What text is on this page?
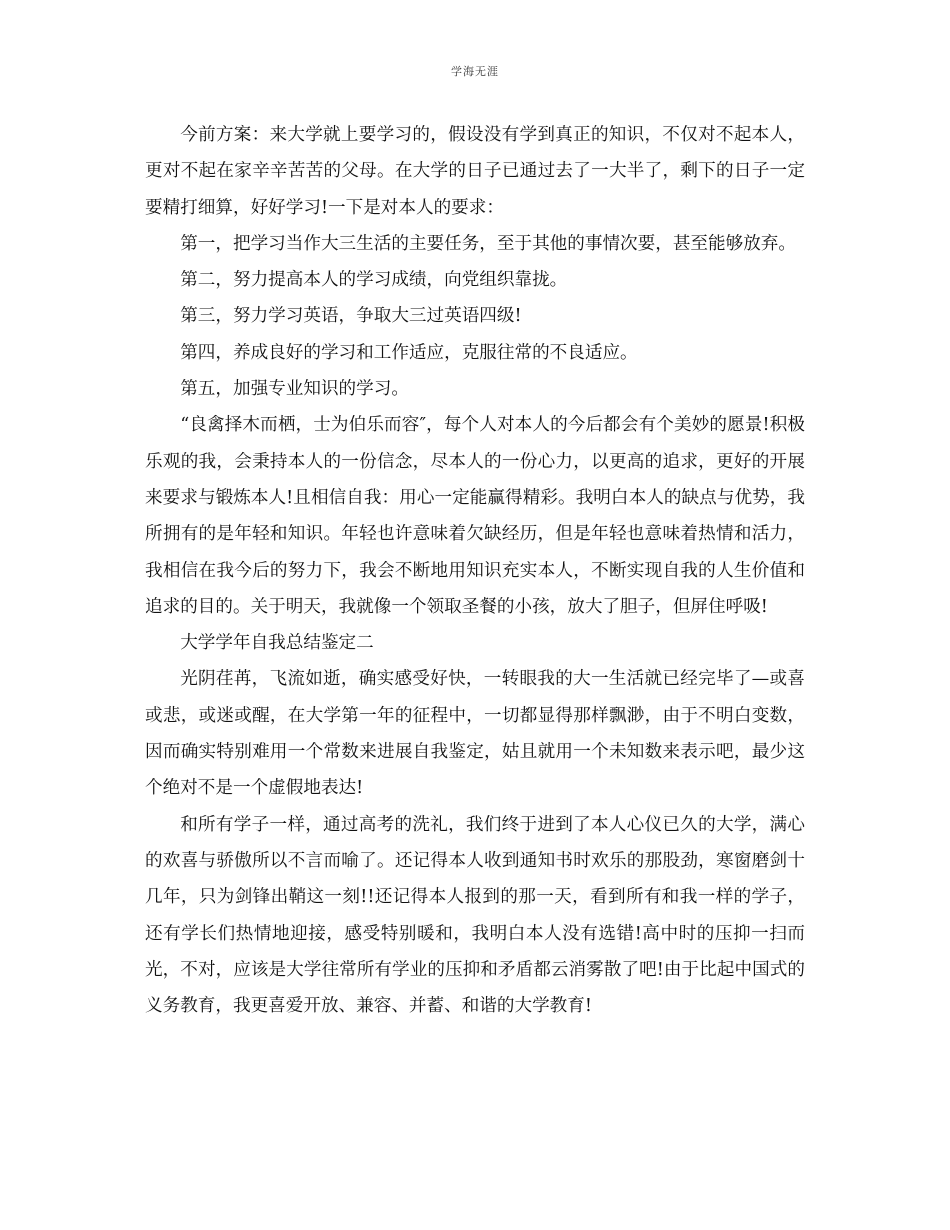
学海无涯

今前方案：来大学就上要学习的，假设没有学到真正的知识，不仅对不起本人，更对不起在家辛辛苦苦的父母。在大学的日子已通过去了一大半了，剩下的日子一定要精打细算，好好学习!一下是对本人的要求：

第一，把学习当作大三生活的主要任务，至于其他的事情次要，甚至能够放弃。

第二，努力提高本人的学习成绩，向党组织靠拢。

第三，努力学习英语，争取大三过英语四级!

第四，养成良好的学习和工作适应，克服往常的不良适应。

第五，加强专业知识的学习。

“良禽择木而栖，士为伯乐而容″，每个人对本人的今后都会有个美妙的愿景!积极乐观的我，会秉持本人的一份信念，尽本人的一份心力，以更高的追求，更好的开展来要求与锻炼本人!且相信自我：用心一定能赢得精彩。我明白本人的缺点与优势，我所拥有的是年轻和知识。年轻也许意味着欠缺经历，但是年轻也意味着热情和活力，我相信在我今后的努力下，我会不断地用知识充实本人，不断实现自我的人生价值和追求的目的。关于明天，我就像一个领取圣餐的小孩，放大了胆子，但屏住呼吸!

大学学年自我总结鉴定二

光阴荏苒，飞流如逝，确实感受好快，一转眼我的大一生活就已经完毕了—或喜或悲，或迷或醒，在大学第一年的征程中，一切都显得那样飘渺，由于不明白变数，因而确实特别难用一个常数来进展自我鉴定，姑且就用一个未知数来表示吧，最少这个绝对不是一个虚假地表达!

和所有学子一样，通过高考的洗礼，我们终于进到了本人心仪已久的大学，满心的欢喜与骄傲所以不言而喻了。还记得本人收到通知书时欢乐的那股劲，寒窗磨剑十几年，只为剑锋出鞘这一刻!!还记得本人报到的那一天，看到所有和我一样的学子，还有学长们热情地迎接，感受特别暖和，我明白本人没有选错!高中时的压抑一扫而光，不对，应该是大学往常所有学业的压抑和矛盾都云消雾散了吧!由于比起中国式的义务教育，我更喜爱开放、兼容、并蓄、和谐的大学教育!
